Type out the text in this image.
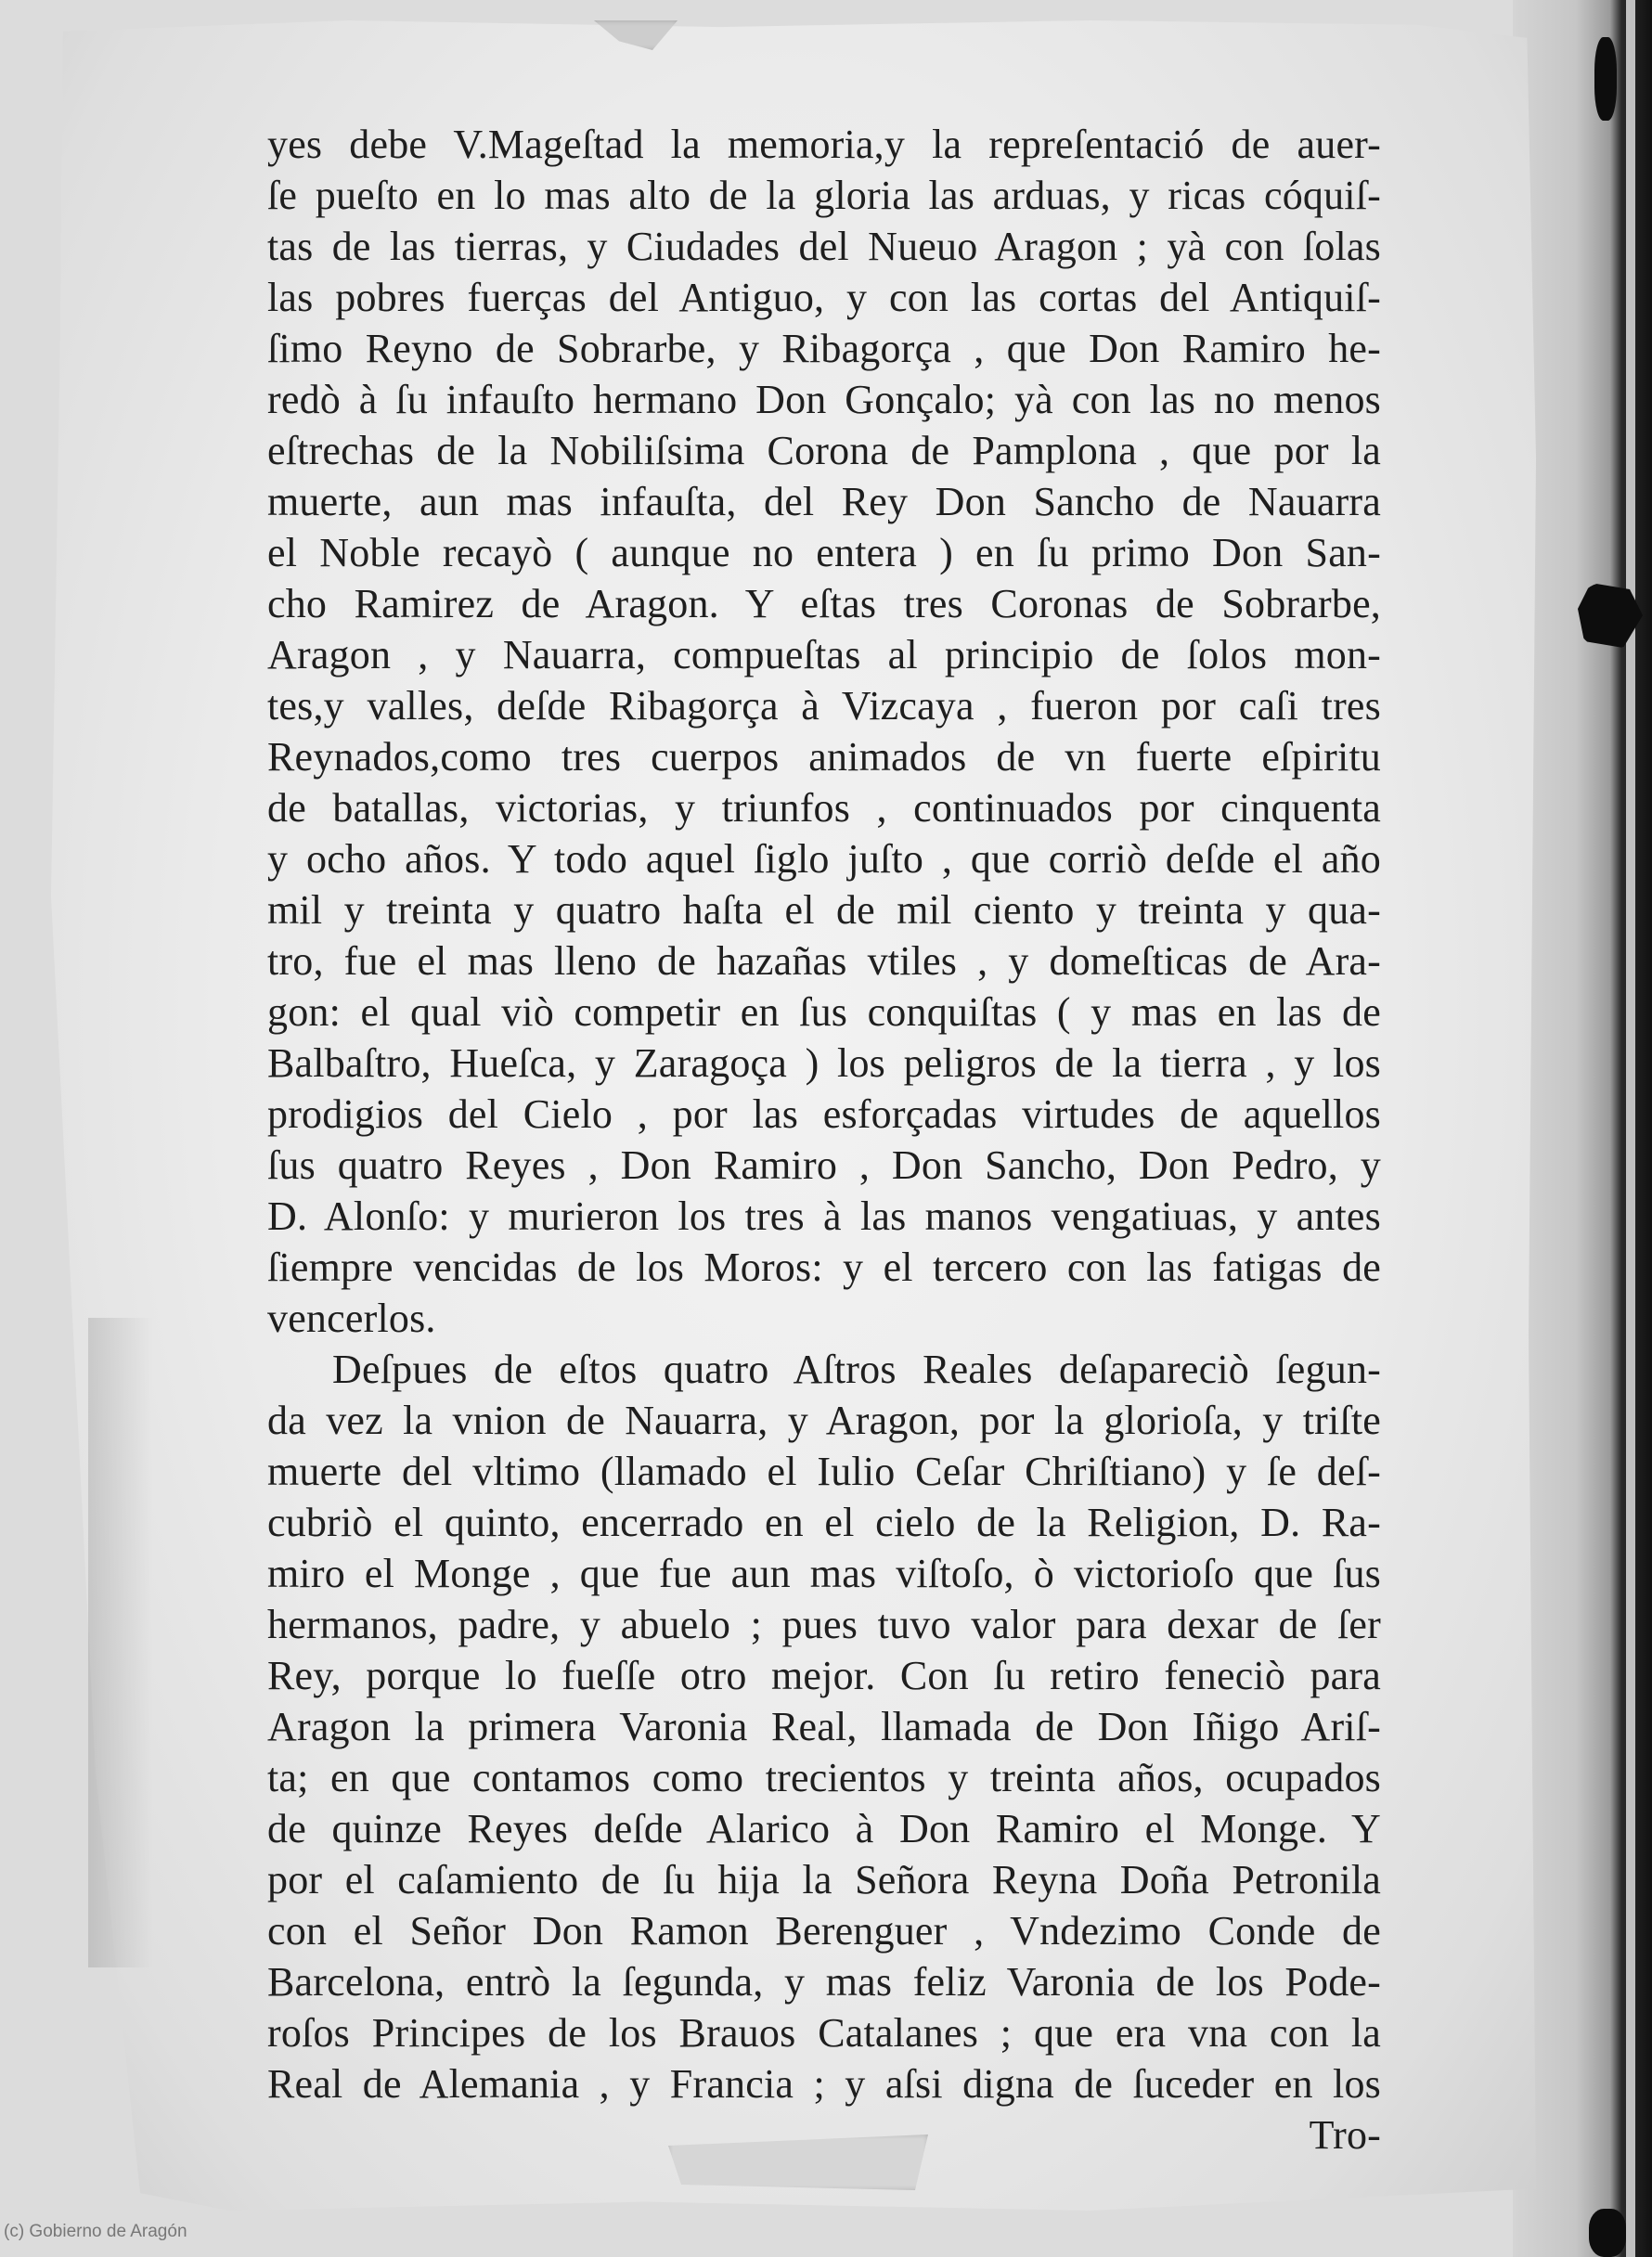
yes debe V.Mageſtad la memoria,y la repreſentació de auer-
ſe pueſto en lo mas alto de la gloria las arduas, y ricas cóquiſ-
tas de las tierras, y Ciudades del Nueuo Aragon ; yà con ſolas
las pobres fuerças del Antiguo, y con las cortas del Antiquiſ-
ſimo Reyno de Sobrarbe, y Ribagorça , que Don Ramiro he-
redò à ſu infauſto hermano Don Gonçalo; yà con las no menos
eſtrechas de la Nobiliſsima Corona de Pamplona , que por la
muerte, aun mas infauſta, del Rey Don Sancho de Nauarra
el Noble recayò ( aunque no entera ) en ſu primo Don San-
cho Ramirez de Aragon. Y eſtas tres Coronas de Sobrarbe,
Aragon , y Nauarra, compueſtas al principio de ſolos mon-
tes,y valles, deſde Ribagorça à Vizcaya , fueron por caſi tres
Reynados,como tres cuerpos animados de vn fuerte eſpiritu
de batallas, victorias, y triunfos , continuados por cinquenta
y ocho años. Y todo aquel ſiglo juſto , que corriò deſde el año
mil y treinta y quatro haſta el de mil ciento y treinta y qua-
tro, fue el mas lleno de hazañas vtiles , y domeſticas de Ara-
gon: el qual viò competir en ſus conquiſtas ( y mas en las de
Balbaſtro, Hueſca, y Zaragoça ) los peligros de la tierra , y los
prodigios del Cielo , por las esforçadas virtudes de aquellos
ſus quatro Reyes , Don Ramiro , Don Sancho, Don Pedro, y
D. Alonſo: y murieron los tres à las manos vengatiuas, y antes
ſiempre vencidas de los Moros: y el tercero con las fatigas de
vencerlos.
Deſpues de eſtos quatro Aſtros Reales deſapareciò ſegun-
da vez la vnion de Nauarra, y Aragon, por la glorioſa, y triſte
muerte del vltimo (llamado el Iulio Ceſar Chriſtiano) y ſe deſ-
cubriò el quinto, encerrado en el cielo de la Religion, D. Ra-
miro el Monge , que fue aun mas viſtoſo, ò victorioſo que ſus
hermanos, padre, y abuelo ; pues tuvo valor para dexar de ſer
Rey, porque lo fueſſe otro mejor. Con ſu retiro feneciò para
Aragon la primera Varonia Real, llamada de Don Iñigo Ariſ-
ta; en que contamos como trecientos y treinta años, ocupados
de quinze Reyes deſde Alarico à Don Ramiro el Monge. Y
por el caſamiento de ſu hija la Señora Reyna Doña Petronila
con el Señor Don Ramon Berenguer , Vndezimo Conde de
Barcelona, entrò la ſegunda, y mas feliz Varonia de los Pode-
roſos Principes de los Brauos Catalanes ; que era vna con la
Real de Alemania , y Francia ; y aſsi digna de ſuceder en los
Tro-
(c) Gobierno de Aragón
